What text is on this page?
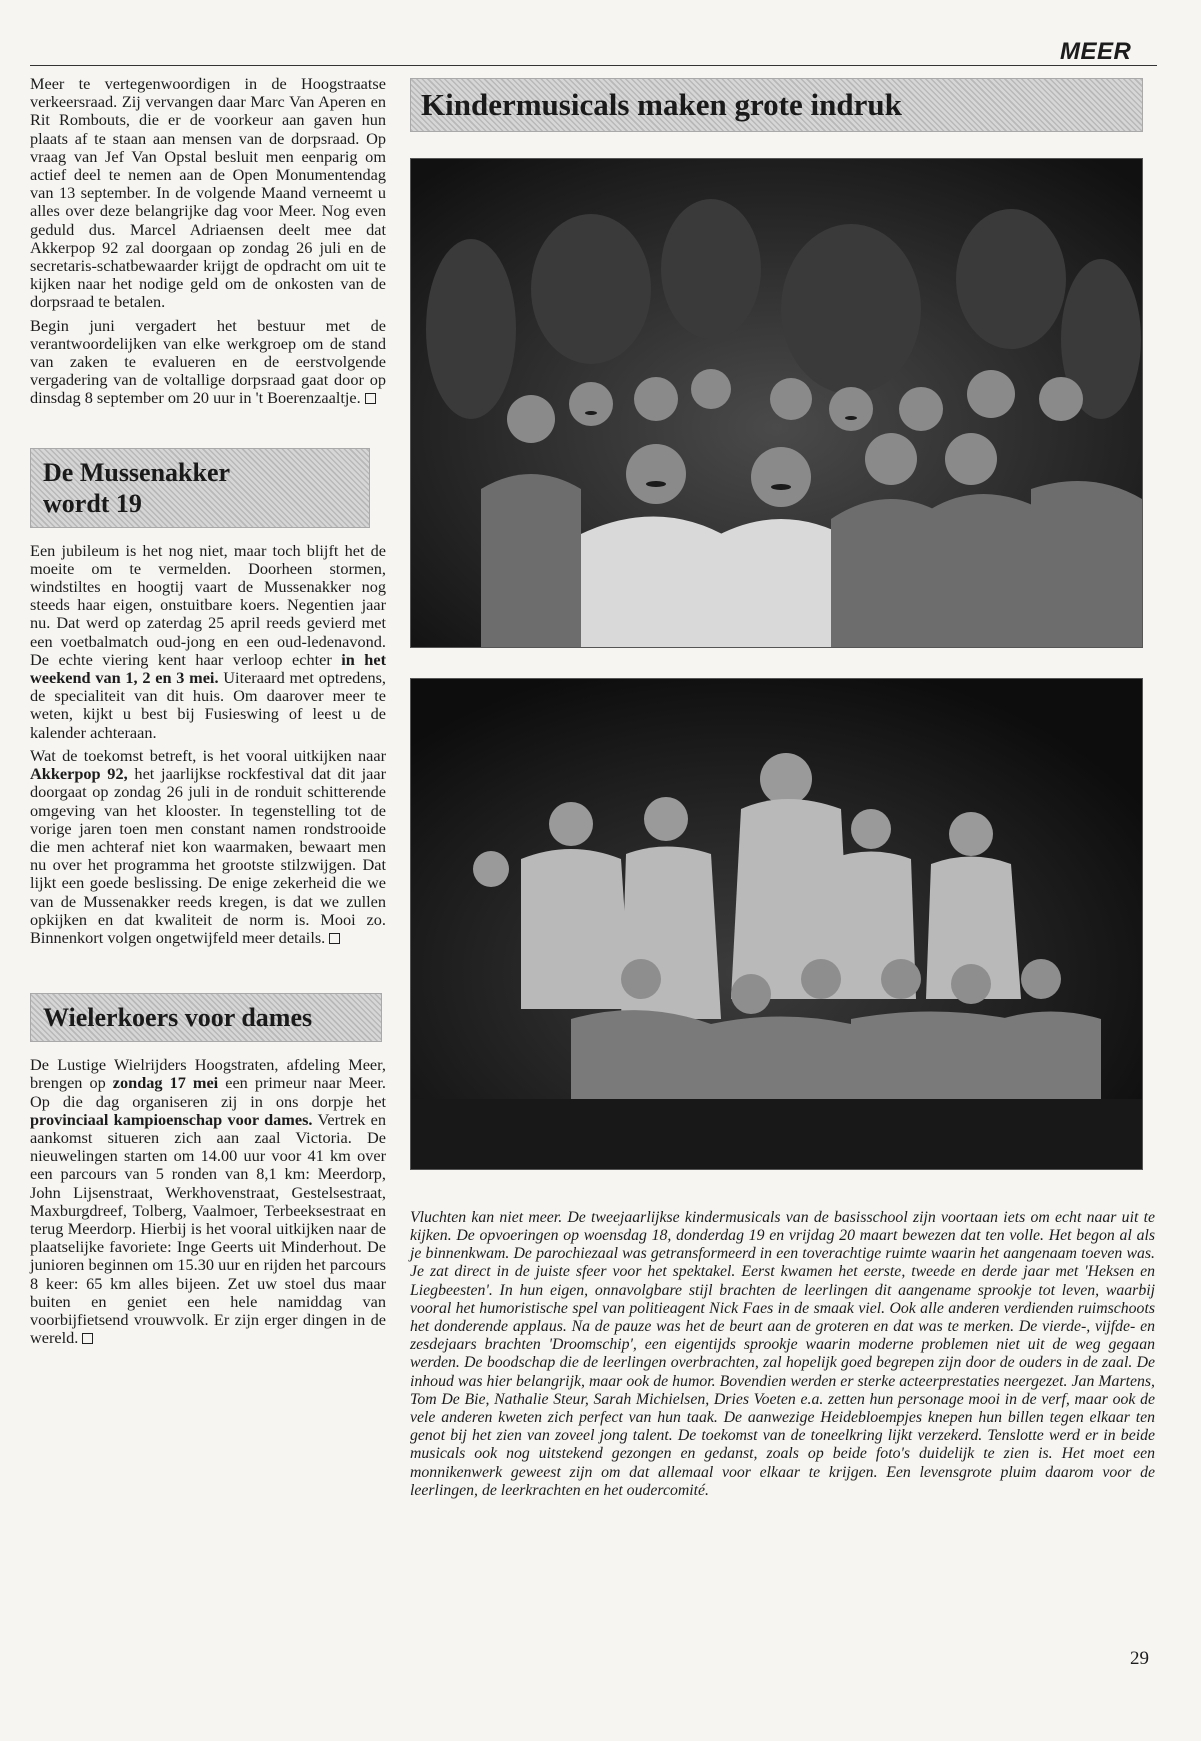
MEER

Meer te vertegenwoordigen in de Hoogstraatse verkeersraad. Zij vervangen daar Marc Van Aperen en Rit Rombouts, die er de voorkeur aan gaven hun plaats af te staan aan mensen van de dorpsraad. Op vraag van Jef Van Opstal besluit men eenparig om actief deel te nemen aan de Open Monumentendag van 13 september. In de volgende Maand verneemt u alles over deze belangrijke dag voor Meer. Nog even geduld dus. Marcel Adriaensen deelt mee dat Akkerpop 92 zal doorgaan op zondag 26 juli en de secretaris-schatbewaarder krijgt de opdracht om uit te kijken naar het nodige geld om de onkosten van de dorpsraad te betalen.

Begin juni vergadert het bestuur met de verantwoordelijken van elke werkgroep om de stand van zaken te evalueren en de eerstvolgende vergadering van de voltallige dorpsraad gaat door op dinsdag 8 september om 20 uur in 't Boerenzaaltje.

De Mussenakker
wordt 19

Een jubileum is het nog niet, maar toch blijft het de moeite om te vermelden. Doorheen stormen, windstiltes en hoogtij vaart de Mussenakker nog steeds haar eigen, onstuitbare koers. Negentien jaar nu. Dat werd op zaterdag 25 april reeds gevierd met een voetbalmatch oud-jong en een oud-ledenavond. De echte viering kent haar verloop echter in het weekend van 1, 2 en 3 mei. Uiteraard met optredens, de specialiteit van dit huis. Om daarover meer te weten, kijkt u best bij Fusieswing of leest u de kalender achteraan.

Wat de toekomst betreft, is het vooral uitkijken naar Akkerpop 92, het jaarlijkse rockfestival dat dit jaar doorgaat op zondag 26 juli in de ronduit schitterende omgeving van het klooster. In tegenstelling tot de vorige jaren toen men constant namen rondstrooide die men achteraf niet kon waarmaken, bewaart men nu over het programma het grootste stilzwijgen. Dat lijkt een goede beslissing. De enige zekerheid die we van de Mussenakker reeds kregen, is dat we zullen opkijken en dat kwaliteit de norm is. Mooi zo. Binnenkort volgen ongetwijfeld meer details.

Wielerkoers voor dames

De Lustige Wielrijders Hoogstraten, afdeling Meer, brengen op zondag 17 mei een primeur naar Meer. Op die dag organiseren zij in ons dorpje het provinciaal kampioenschap voor dames. Vertrek en aankomst situeren zich aan zaal Victoria. De nieuwelingen starten om 14.00 uur voor 41 km over een parcours van 5 ronden van 8,1 km: Meerdorp, John Lijsenstraat, Werkhovenstraat, Gestelsestraat, Maxburgdreef, Tolberg, Vaalmoer, Terbeeksestraat en terug Meerdorp. Hierbij is het vooral uitkijken naar de plaatselijke favoriete: Inge Geerts uit Minderhout. De junioren beginnen om 15.30 uur en rijden het parcours 8 keer: 65 km alles bijeen. Zet uw stoel dus maar buiten en geniet een hele namiddag van voorbijfietsend vrouwvolk. Er zijn erger dingen in de wereld.

Kindermusicals maken grote indruk

Vluchten kan niet meer. De tweejaarlijkse kindermusicals van de basisschool zijn voortaan iets om echt naar uit te kijken. De opvoeringen op woensdag 18, donderdag 19 en vrijdag 20 maart bewezen dat ten volle. Het begon al als je binnenkwam. De parochiezaal was getransformeerd in een toverachtige ruimte waarin het aangenaam toeven was. Je zat direct in de juiste sfeer voor het spektakel. Eerst kwamen het eerste, tweede en derde jaar met 'Heksen en Liegbeesten'. In hun eigen, onnavolgbare stijl brachten de leerlingen dit aangename sprookje tot leven, waarbij vooral het humoristische spel van politieagent Nick Faes in de smaak viel. Ook alle anderen verdienden ruimschoots het donderende applaus. Na de pauze was het de beurt aan de groteren en dat was te merken. De vierde-, vijfde- en zesdejaars brachten 'Droomschip', een eigentijds sprookje waarin moderne problemen niet uit de weg gegaan werden. De boodschap die de leerlingen overbrachten, zal hopelijk goed begrepen zijn door de ouders in de zaal. De inhoud was hier belangrijk, maar ook de humor. Bovendien werden er sterke acteerprestaties neergezet. Jan Martens, Tom De Bie, Nathalie Steur, Sarah Michielsen, Dries Voeten e.a. zetten hun personage mooi in de verf, maar ook de vele anderen kweten zich perfect van hun taak. De aanwezige Heidebloempjes knepen hun billen tegen elkaar ten genot bij het zien van zoveel jong talent. De toekomst van de toneelkring lijkt verzekerd. Tenslotte werd er in beide musicals ook nog uitstekend gezongen en gedanst, zoals op beide foto's duidelijk te zien is. Het moet een monnikenwerk geweest zijn om dat allemaal voor elkaar te krijgen. Een levensgrote pluim daarom voor de leerlingen, de leerkrachten en het oudercomité.

29
